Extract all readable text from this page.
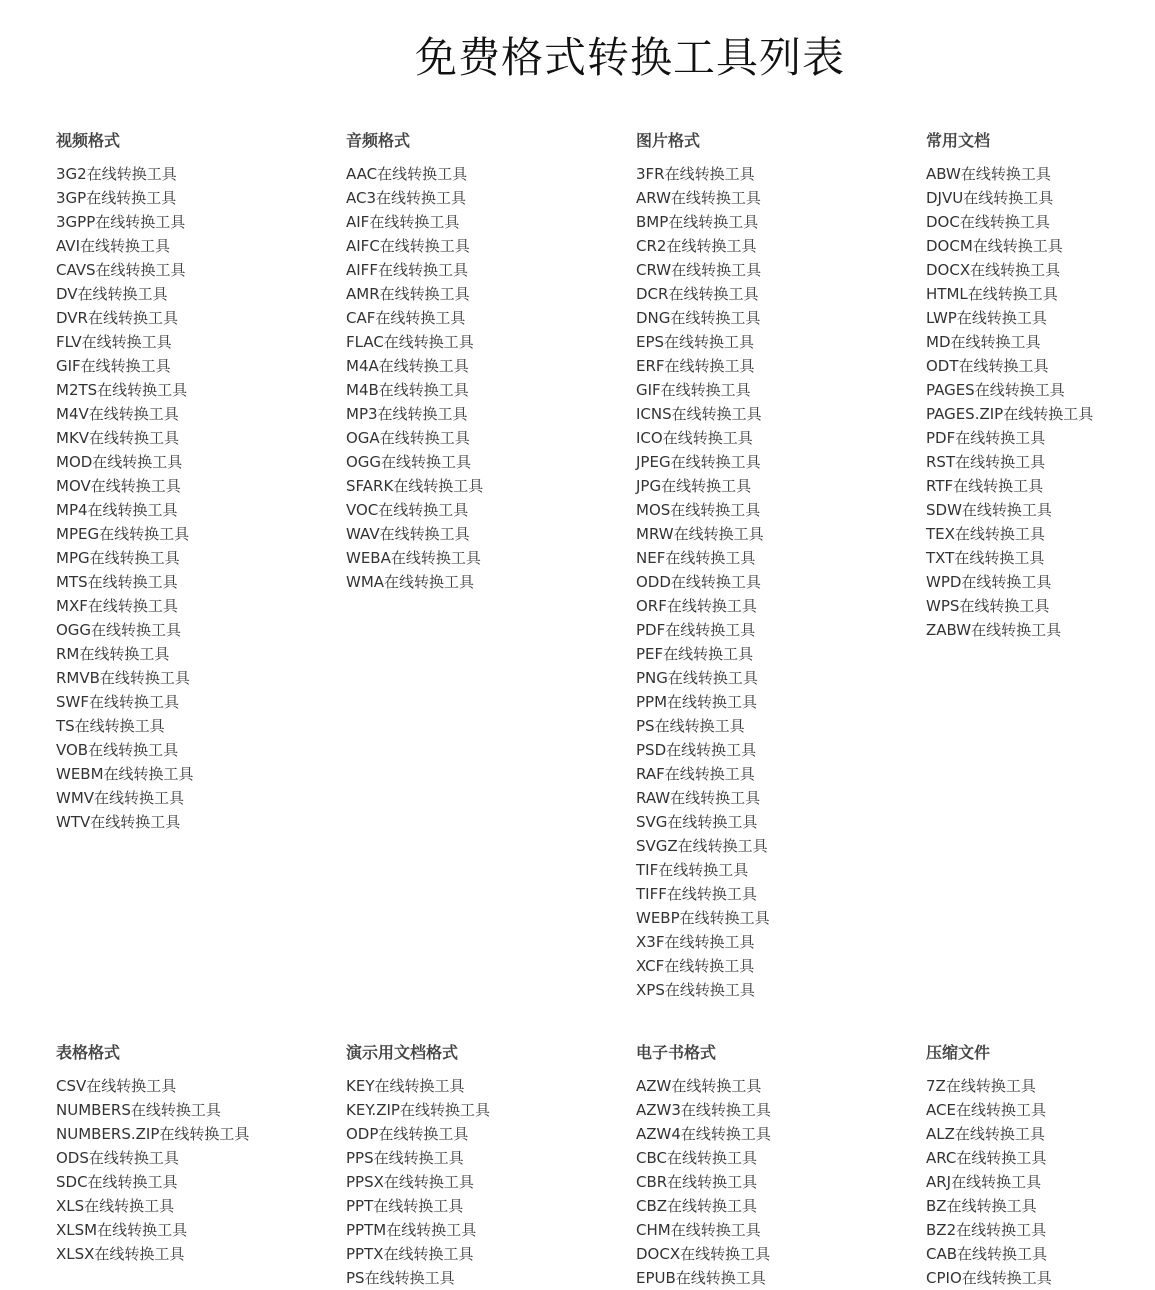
免费格式转换工具列表
视频格式
3G2在线转换工具
3GP在线转换工具
3GPP在线转换工具
AVI在线转换工具
CAVS在线转换工具
DV在线转换工具
DVR在线转换工具
FLV在线转换工具
GIF在线转换工具
M2TS在线转换工具
M4V在线转换工具
MKV在线转换工具
MOD在线转换工具
MOV在线转换工具
MP4在线转换工具
MPEG在线转换工具
MPG在线转换工具
MTS在线转换工具
MXF在线转换工具
OGG在线转换工具
RM在线转换工具
RMVB在线转换工具
SWF在线转换工具
TS在线转换工具
VOB在线转换工具
WEBM在线转换工具
WMV在线转换工具
WTV在线转换工具
音频格式
AAC在线转换工具
AC3在线转换工具
AIF在线转换工具
AIFC在线转换工具
AIFF在线转换工具
AMR在线转换工具
CAF在线转换工具
FLAC在线转换工具
M4A在线转换工具
M4B在线转换工具
MP3在线转换工具
OGA在线转换工具
OGG在线转换工具
SFARK在线转换工具
VOC在线转换工具
WAV在线转换工具
WEBA在线转换工具
WMA在线转换工具
图片格式
3FR在线转换工具
ARW在线转换工具
BMP在线转换工具
CR2在线转换工具
CRW在线转换工具
DCR在线转换工具
DNG在线转换工具
EPS在线转换工具
ERF在线转换工具
GIF在线转换工具
ICNS在线转换工具
ICO在线转换工具
JPEG在线转换工具
JPG在线转换工具
MOS在线转换工具
MRW在线转换工具
NEF在线转换工具
ODD在线转换工具
ORF在线转换工具
PDF在线转换工具
PEF在线转换工具
PNG在线转换工具
PPM在线转换工具
PS在线转换工具
PSD在线转换工具
RAF在线转换工具
RAW在线转换工具
SVG在线转换工具
SVGZ在线转换工具
TIF在线转换工具
TIFF在线转换工具
WEBP在线转换工具
X3F在线转换工具
XCF在线转换工具
XPS在线转换工具
常用文档
ABW在线转换工具
DJVU在线转换工具
DOC在线转换工具
DOCM在线转换工具
DOCX在线转换工具
HTML在线转换工具
LWP在线转换工具
MD在线转换工具
ODT在线转换工具
PAGES在线转换工具
PAGES.ZIP在线转换工具
PDF在线转换工具
RST在线转换工具
RTF在线转换工具
SDW在线转换工具
TEX在线转换工具
TXT在线转换工具
WPD在线转换工具
WPS在线转换工具
ZABW在线转换工具
表格格式
CSV在线转换工具
NUMBERS在线转换工具
NUMBERS.ZIP在线转换工具
ODS在线转换工具
SDC在线转换工具
XLS在线转换工具
XLSM在线转换工具
XLSX在线转换工具
演示用文档格式
KEY在线转换工具
KEY.ZIP在线转换工具
ODP在线转换工具
PPS在线转换工具
PPSX在线转换工具
PPT在线转换工具
PPTM在线转换工具
PPTX在线转换工具
PS在线转换工具
电子书格式
AZW在线转换工具
AZW3在线转换工具
AZW4在线转换工具
CBC在线转换工具
CBR在线转换工具
CBZ在线转换工具
CHM在线转换工具
DOCX在线转换工具
EPUB在线转换工具
压缩文件
7Z在线转换工具
ACE在线转换工具
ALZ在线转换工具
ARC在线转换工具
ARJ在线转换工具
BZ在线转换工具
BZ2在线转换工具
CAB在线转换工具
CPIO在线转换工具
